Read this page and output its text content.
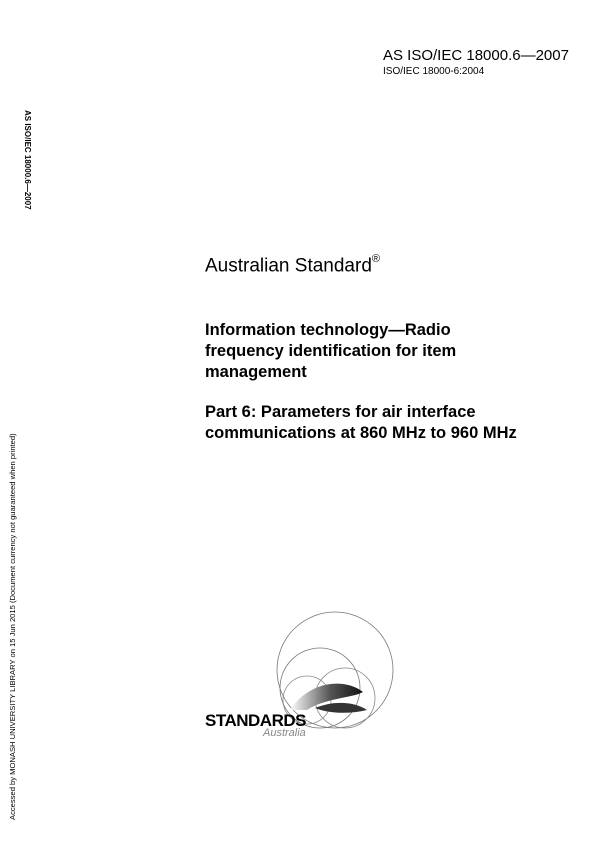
AS ISO/IEC 18000.6—2007
ISO/IEC 18000-6:2004
AS ISO/IEC 18000.6—2007
Accessed by MONASH UNIVERSITY LIBRARY on 15 Jun 2015 (Document currency not guaranteed when printed)
Australian Standard®
Information technology—Radio frequency identification for item management
Part 6: Parameters for air interface communications at 860 MHz to 960 MHz
STANDARDS
Australia
